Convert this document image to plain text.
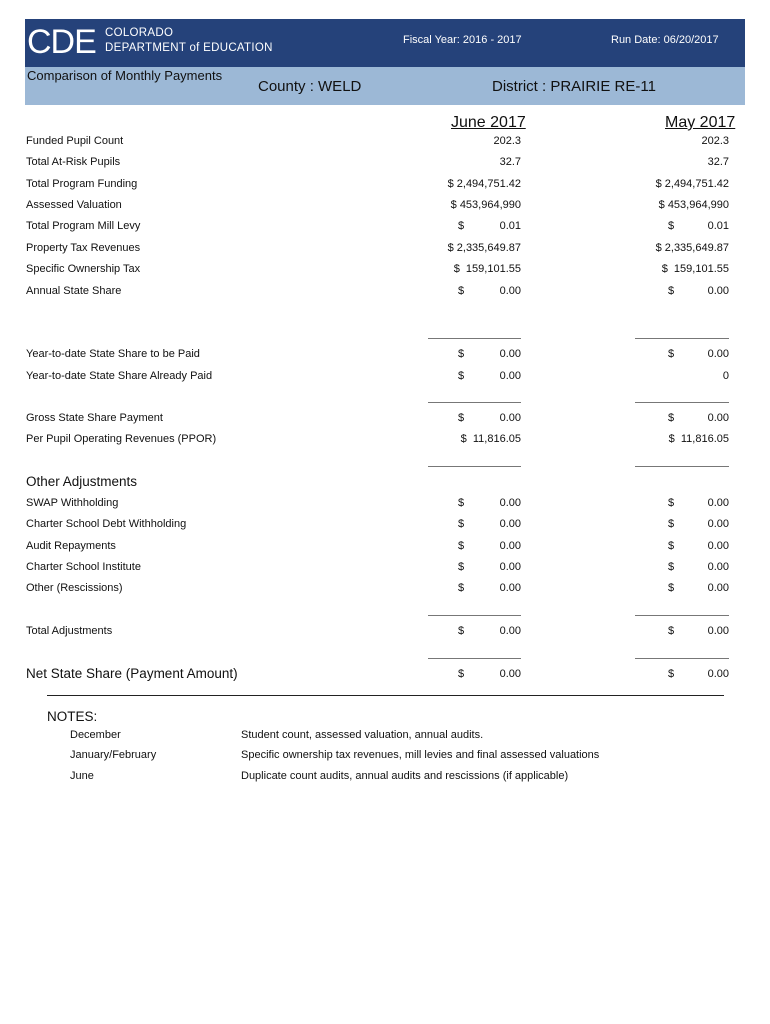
CDE COLORADO
DEPARTMENT of EDUCATION
Fiscal Year: 2016 - 2017	Run Date: 06/20/2017
Comparison of Monthly Payments
County : WELD	District : PRAIRIE RE-11
June 2017	May 2017
Funded Pupil Count	202.3	202.3
Total At-Risk Pupils	32.7	32.7
Total Program Funding	$ 2,494,751.42	$ 2,494,751.42
Assessed Valuation	$ 453,964,990	$ 453,964,990
Total Program Mill Levy	$	0.01	$	0.01
Property Tax Revenues	$ 2,335,649.87	$ 2,335,649.87
Specific Ownership Tax	$  159,101.55	$  159,101.55
Annual State Share	$	0.00	$	0.00
Year-to-date State Share to be Paid	$	0.00	$	0.00
Year-to-date State Share Already Paid	$	0.00	0
Gross State Share Payment	$	0.00	$	0.00
Per Pupil Operating Revenues (PPOR)	$  11,816.05	$  11,816.05
Other Adjustments
SWAP Withholding	$	0.00	$	0.00
Charter School Debt Withholding	$	0.00	$	0.00
Audit Repayments	$	0.00	$	0.00
Charter School Institute	$	0.00	$	0.00
Other (Rescissions)	$	0.00	$	0.00
Total Adjustments	$	0.00	$	0.00
Net State Share (Payment Amount)	$	0.00	$	0.00
NOTES:
December	Student count, assessed valuation, annual audits.
January/February	Specific ownership tax revenues, mill levies and final assessed valuations
June	Duplicate count audits, annual audits and rescissions (if applicable)
